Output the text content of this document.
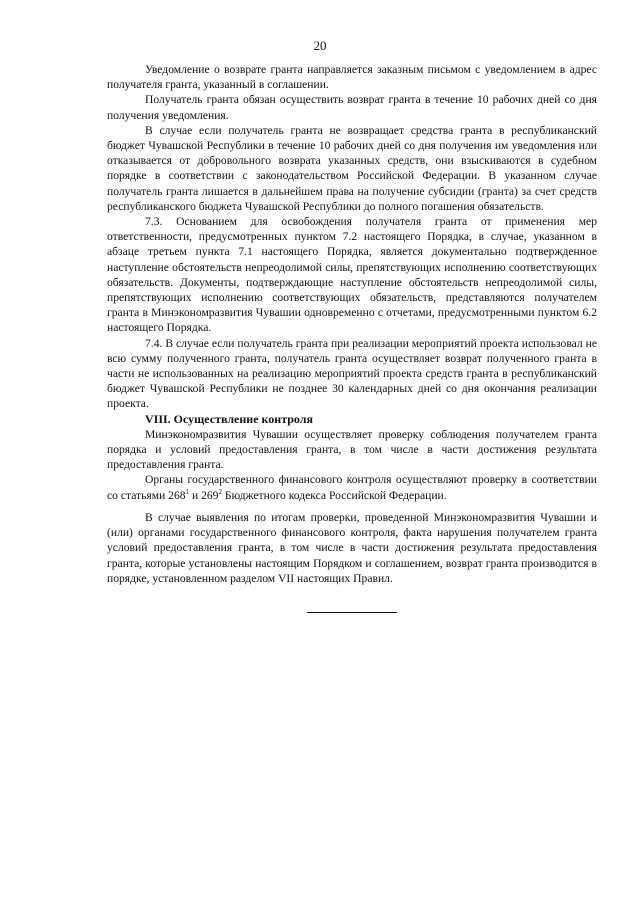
20

Уведомление о возврате гранта направляется заказным письмом с уведомлением в адрес получателя гранта, указанный в соглашении.

Получатель гранта обязан осуществить возврат гранта в течение 10 рабочих дней со дня получения уведомления.

В случае если получатель гранта не возвращает средства гранта в республиканский бюджет Чувашской Республики в течение 10 рабочих дней со дня получения им уведомления или отказывается от добровольного возврата указанных средств, они взыскиваются в судебном порядке в соответствии с законодательством Российской Федерации. В указанном случае получатель гранта лишается в дальнейшем права на получение субсидии (гранта) за счет средств республиканского бюджета Чувашской Республики до полного погашения обязательств.

7.3. Основанием для освобождения получателя гранта от применения мер ответственности, предусмотренных пунктом 7.2 настоящего Порядка, в случае, указанном в абзаце третьем пункта 7.1 настоящего Порядка, является документально подтвержденное наступление обстоятельств непреодолимой силы, препятствующих исполнению соответствующих обязательств. Документы, подтверждающие наступление обстоятельств непреодолимой силы, препятствующих исполнению соответствующих обязательств, представляются получателем гранта в Минэкономразвития Чувашии одновременно с отчетами, предусмотренными пунктом 6.2 настоящего Порядка.

7.4. В случае если получатель гранта при реализации мероприятий проекта использовал не всю сумму полученного гранта, получатель гранта осуществляет возврат полученного гранта в части не использованных на реализацию мероприятий проекта средств гранта в республиканский бюджет Чувашской Республики не позднее 30 календарных дней со дня окончания реализации проекта.

VIII. Осуществление контроля

Минэкономразвития Чувашии осуществляет проверку соблюдения получателем гранта порядка и условий предоставления гранта, в том числе в части достижения результата предоставления гранта.

Органы государственного финансового контроля осуществляют проверку в соответствии со статьями $268^1$ и $269^2$ Бюджетного кодекса Российской Федерации.

В случае выявления по итогам проверки, проведенной Минэкономразвития Чувашии и (или) органами государственного финансового контроля, факта нарушения получателем гранта условий предоставления гранта, в том числе в части достижения результата предоставления гранта, которые установлены настоящим Порядком и соглашением, возврат гранта производится в порядке, установленном разделом VII настоящих Правил.
